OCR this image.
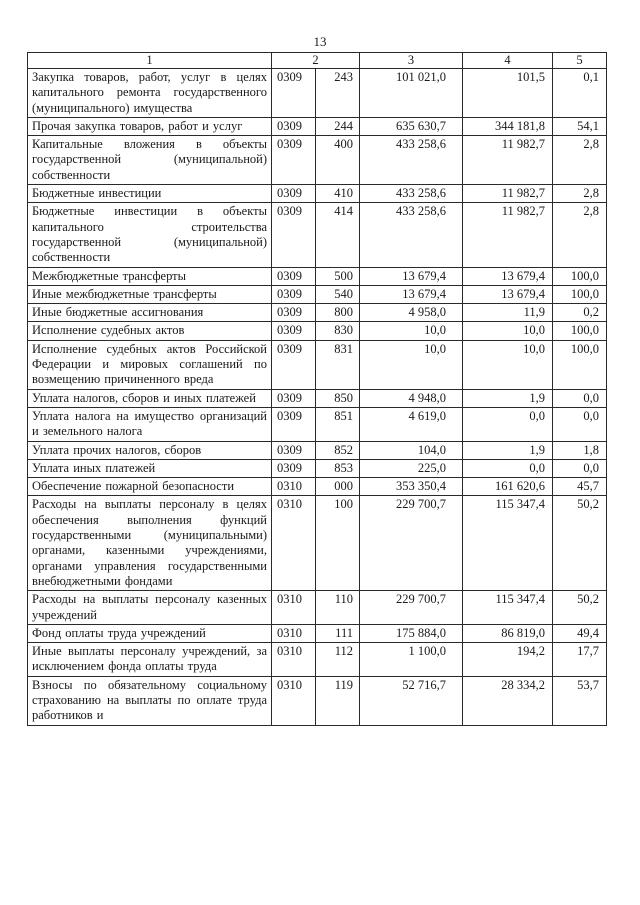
13
1	2		3	4	5
Закупка товаров, работ, услуг в целях капитального ремонта государственного (муниципального) имущества	0309	243	101 021,0	101,5	0,1
Прочая закупка товаров, работ и услуг	0309	244	635 630,7	344 181,8	54,1
Капитальные вложения в объекты государственной (муниципальной) собственности	0309	400	433 258,6	11 982,7	2,8
Бюджетные инвестиции	0309	410	433 258,6	11 982,7	2,8
Бюджетные инвестиции в объекты капитального строительства государственной (муниципальной) собственности	0309	414	433 258,6	11 982,7	2,8
Межбюджетные трансферты	0309	500	13 679,4	13 679,4	100,0
Иные межбюджетные трансферты	0309	540	13 679,4	13 679,4	100,0
Иные бюджетные ассигнования	0309	800	4 958,0	11,9	0,2
Исполнение судебных актов	0309	830	10,0	10,0	100,0
Исполнение судебных актов Российской Федерации и мировых соглашений по возмещению причиненного вреда	0309	831	10,0	10,0	100,0
Уплата налогов, сборов и иных платежей	0309	850	4 948,0	1,9	0,0
Уплата налога на имущество организаций и земельного налога	0309	851	4 619,0	0,0	0,0
Уплата прочих налогов, сборов	0309	852	104,0	1,9	1,8
Уплата иных платежей	0309	853	225,0	0,0	0,0
Обеспечение пожарной безопасности	0310	000	353 350,4	161 620,6	45,7
Расходы на выплаты персоналу в целях обеспечения выполнения функций государственными (муниципальными) органами, казенными учреждениями, органами управления государственными внебюджетными фондами	0310	100	229 700,7	115 347,4	50,2
Расходы на выплаты персоналу казенных учреждений	0310	110	229 700,7	115 347,4	50,2
Фонд оплаты труда учреждений	0310	111	175 884,0	86 819,0	49,4
Иные выплаты персоналу учреждений, за исключением фонда оплаты труда	0310	112	1 100,0	194,2	17,7
Взносы по обязательному социальному страхованию на выплаты по оплате труда работников и	0310	119	52 716,7	28 334,2	53,7
